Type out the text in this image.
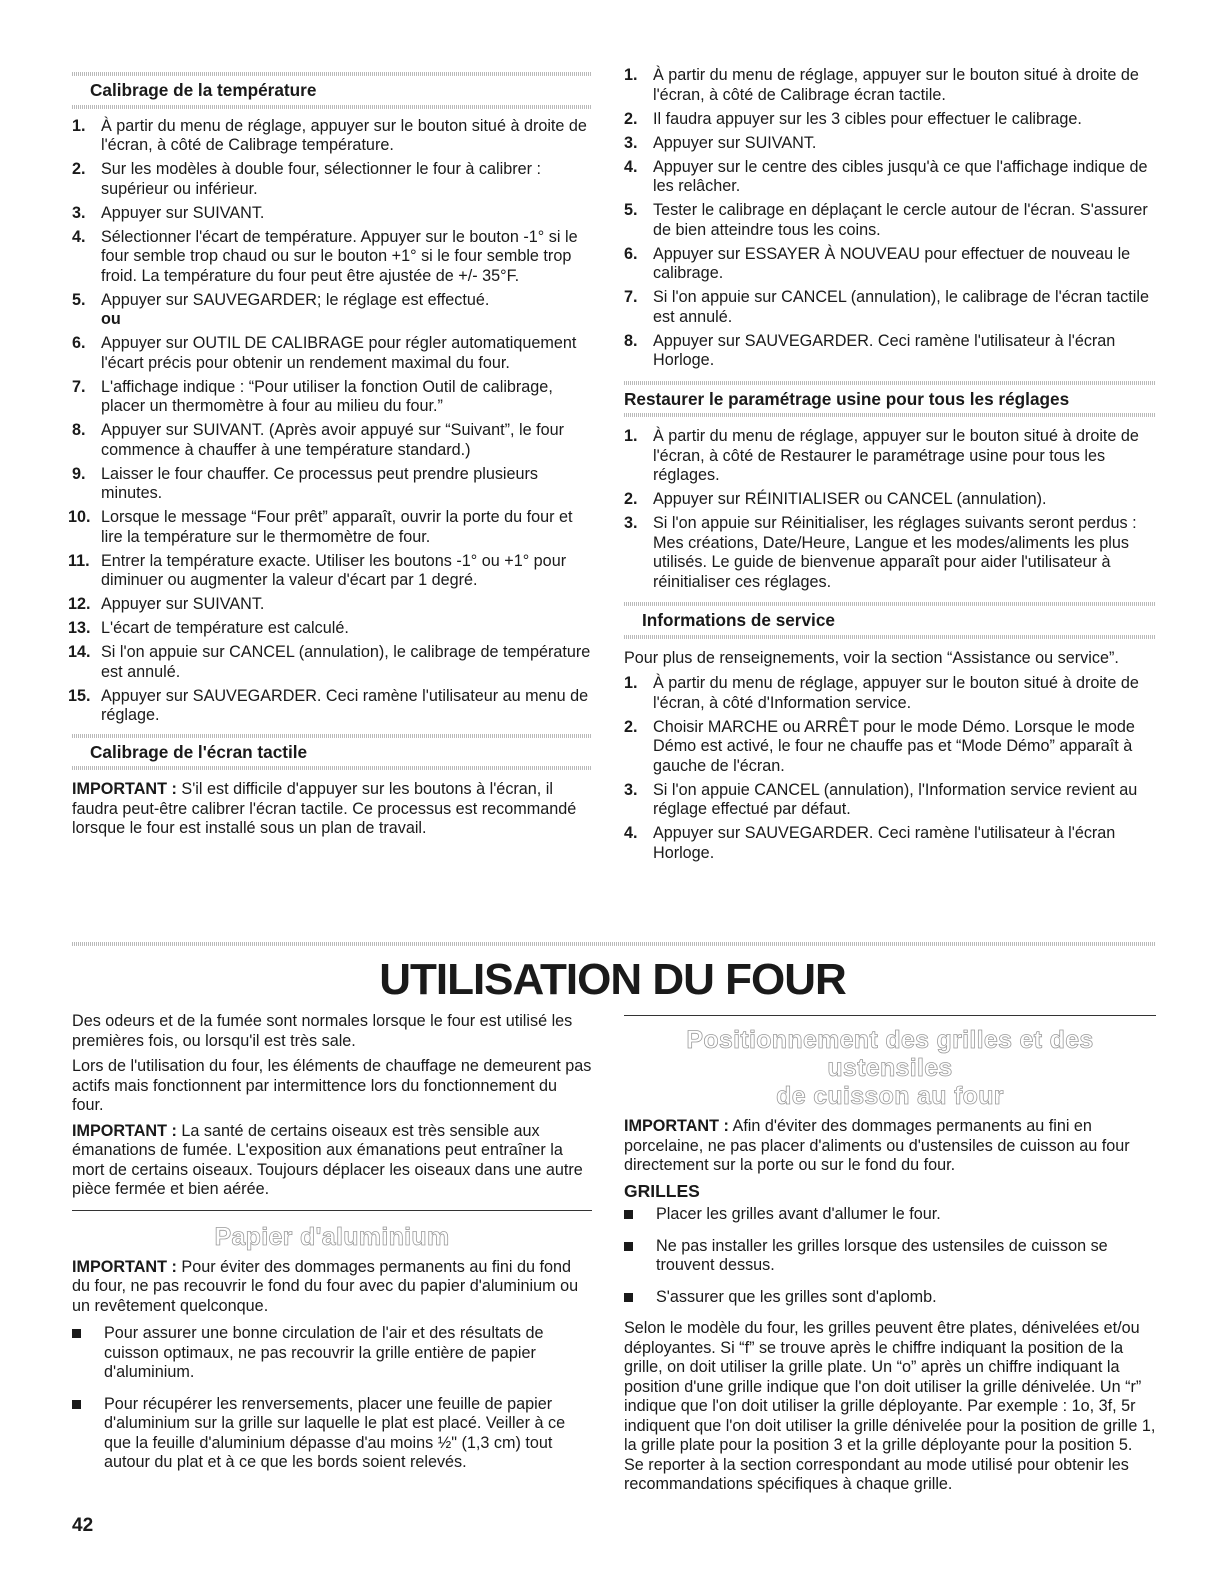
Calibrage de la température
1. À partir du menu de réglage, appuyer sur le bouton situé à droite de l'écran, à côté de Calibrage température.
2. Sur les modèles à double four, sélectionner le four à calibrer : supérieur ou inférieur.
3. Appuyer sur SUIVANT.
4. Sélectionner l'écart de température. Appuyer sur le bouton -1° si le four semble trop chaud ou sur le bouton +1° si le four semble trop froid. La température du four peut être ajustée de +/- 35°F.
5. Appuyer sur SAUVEGARDER; le réglage est effectué.
ou
6. Appuyer sur OUTIL DE CALIBRAGE pour régler automatiquement l'écart précis pour obtenir un rendement maximal du four.
7. L'affichage indique : “Pour utiliser la fonction Outil de calibrage, placer un thermomètre à four au milieu du four.”
8. Appuyer sur SUIVANT. (Après avoir appuyé sur “Suivant”, le four commence à chauffer à une température standard.)
9. Laisser le four chauffer. Ce processus peut prendre plusieurs minutes.
10. Lorsque le message “Four prêt” apparaît, ouvrir la porte du four et lire la température sur le thermomètre de four.
11. Entrer la température exacte. Utiliser les boutons -1° ou +1° pour diminuer ou augmenter la valeur d'écart par 1 degré.
12. Appuyer sur SUIVANT.
13. L'écart de température est calculé.
14. Si l'on appuie sur CANCEL (annulation), le calibrage de température est annulé.
15. Appuyer sur SAUVEGARDER. Ceci ramène l'utilisateur au menu de réglage.
Calibrage de l'écran tactile

IMPORTANT : S'il est difficile d'appuyer sur les boutons à l'écran, il faudra peut-être calibrer l'écran tactile. Ce processus est recommandé lorsque le four est installé sous un plan de travail.

1. À partir du menu de réglage, appuyer sur le bouton situé à droite de l'écran, à côté de Calibrage écran tactile.
2. Il faudra appuyer sur les 3 cibles pour effectuer le calibrage.
3. Appuyer sur SUIVANT.
4. Appuyer sur le centre des cibles jusqu'à ce que l'affichage indique de les relâcher.
5. Tester le calibrage en déplaçant le cercle autour de l'écran. S'assurer de bien atteindre tous les coins.
6. Appuyer sur ESSAYER À NOUVEAU pour effectuer de nouveau le calibrage.
7. Si l'on appuie sur CANCEL (annulation), le calibrage de l'écran tactile est annulé.
8. Appuyer sur SAUVEGARDER. Ceci ramène l'utilisateur à l'écran Horloge.
Restaurer le paramétrage usine pour tous les réglages
1. À partir du menu de réglage, appuyer sur le bouton situé à droite de l'écran, à côté de Restaurer le paramétrage usine pour tous les réglages.
2. Appuyer sur RÉINITIALISER ou CANCEL (annulation).
3. Si l'on appuie sur Réinitialiser, les réglages suivants seront perdus : Mes créations, Date/Heure, Langue et les modes/aliments les plus utilisés. Le guide de bienvenue apparaît pour aider l'utilisateur à réinitialiser ces réglages.
Informations de service

Pour plus de renseignements, voir la section “Assistance ou service”.

1. À partir du menu de réglage, appuyer sur le bouton situé à droite de l'écran, à côté d'Information service.
2. Choisir MARCHE ou ARRÊT pour le mode Démo. Lorsque le mode Démo est activé, le four ne chauffe pas et “Mode Démo” apparaît à gauche de l'écran.
3. Si l'on appuie CANCEL (annulation), l'Information service revient au réglage effectué par défaut.
4. Appuyer sur SAUVEGARDER. Ceci ramène l'utilisateur à l'écran Horloge.
UTILISATION DU FOUR

Des odeurs et de la fumée sont normales lorsque le four est utilisé les premières fois, ou lorsqu'il est très sale.

Lors de l'utilisation du four, les éléments de chauffage ne demeurent pas actifs mais fonctionnent par intermittence lors du fonctionnement du four.

IMPORTANT : La santé de certains oiseaux est très sensible aux émanations de fumée. L'exposition aux émanations peut entraîner la mort de certains oiseaux. Toujours déplacer les oiseaux dans une autre pièce fermée et bien aérée.

Papier d'aluminium

IMPORTANT : Pour éviter des dommages permanents au fini du fond du four, ne pas recouvrir le fond du four avec du papier d'aluminium ou un revêtement quelconque.

Pour assurer une bonne circulation de l'air et des résultats de cuisson optimaux, ne pas recouvrir la grille entière de papier d'aluminium.
Pour récupérer les renversements, placer une feuille de papier d'aluminium sur la grille sur laquelle le plat est placé. Veiller à ce que la feuille d'aluminium dépasse d'au moins ½" (1,3 cm) tout autour du plat et à ce que les bords soient relevés.
Positionnement des grilles et des ustensiles
de cuisson au four

IMPORTANT : Afin d'éviter des dommages permanents au fini en porcelaine, ne pas placer d'aliments ou d'ustensiles de cuisson au four directement sur la porte ou sur le fond du four.

GRILLES
Placer les grilles avant d'allumer le four.
Ne pas installer les grilles lorsque des ustensiles de cuisson se trouvent dessus.
S'assurer que les grilles sont d'aplomb.

Selon le modèle du four, les grilles peuvent être plates, dénivelées et/ou déployantes. Si “f” se trouve après le chiffre indiquant la position de la grille, on doit utiliser la grille plate. Un “o” après un chiffre indiquant la position d'une grille indique que l'on doit utiliser la grille dénivelée. Un “r” indique que l'on doit utiliser la grille déployante. Par exemple : 1o, 3f, 5r indiquent que l'on doit utiliser la grille dénivelée pour la position de grille 1, la grille plate pour la position 3 et la grille déployante pour la position 5. Se reporter à la section correspondant au mode utilisé pour obtenir les recommandations spécifiques à chaque grille.

42
